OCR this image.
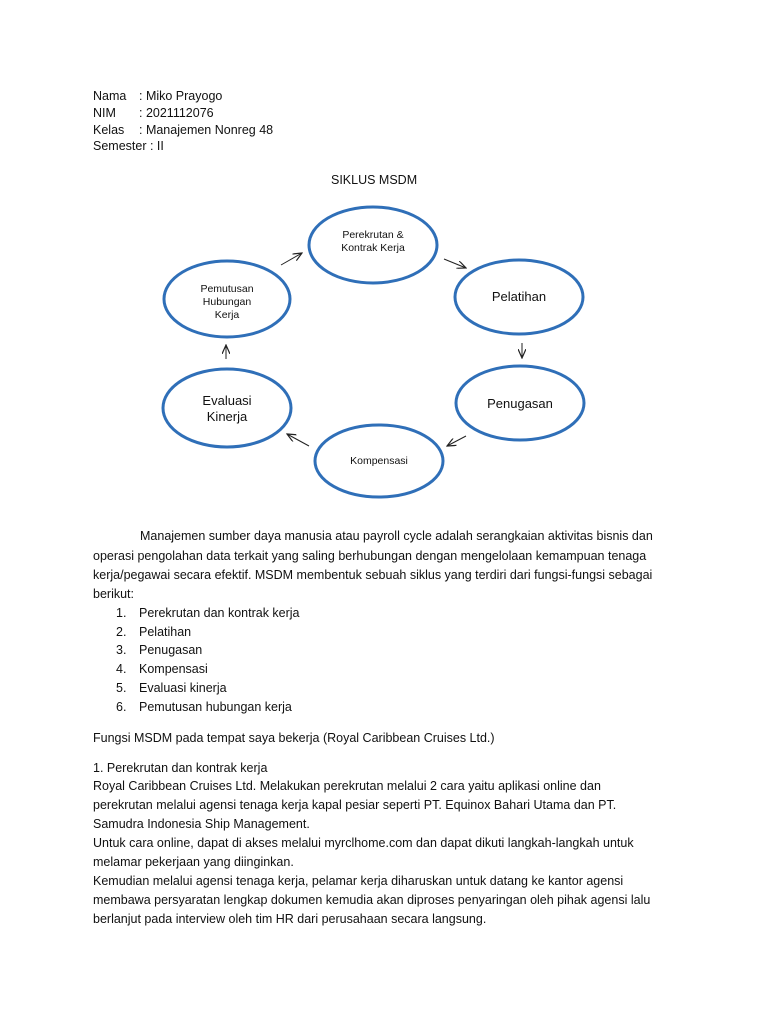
Nama : Miko Prayogo
NIM : 2021112076
Kelas : Manajemen Nonreg 48
Semester : II
SIKLUS MSDM
Perekrutan &
Kontrak Kerja
Pelatihan
Penugasan
Kompensasi
Evaluasi
Kinerja
Pemutusan
Hubungan
Kerja
Manajemen sumber daya manusia atau payroll cycle adalah serangkaian aktivitas bisnis dan
operasi pengolahan data terkait yang saling berhubungan dengan mengelolaan kemampuan tenaga
kerja/pegawai secara efektif. MSDM membentuk sebuah siklus yang terdiri dari fungsi-fungsi sebagai
berikut:
1.	Perekrutan dan kontrak kerja
2.	Pelatihan
3.	Penugasan
4.	Kompensasi
5.	Evaluasi kinerja
6.	Pemutusan hubungan kerja
Fungsi MSDM pada tempat saya bekerja (Royal Caribbean Cruises Ltd.)
1. Perekrutan dan kontrak kerja
Royal Caribbean Cruises Ltd. Melakukan perekrutan melalui 2 cara yaitu aplikasi online dan
perekrutan melalui agensi tenaga kerja kapal pesiar seperti PT. Equinox Bahari Utama dan PT.
Samudra Indonesia Ship Management.
Untuk cara online, dapat di akses melalui myrclhome.com dan dapat dikuti langkah-langkah untuk
melamar pekerjaan yang diinginkan.
Kemudian melalui agensi tenaga kerja, pelamar kerja diharuskan untuk datang ke kantor agensi
membawa persyaratan lengkap dokumen kemudia akan diproses penyaringan oleh pihak agensi lalu
berlanjut pada interview oleh tim HR dari perusahaan secara langsung.
